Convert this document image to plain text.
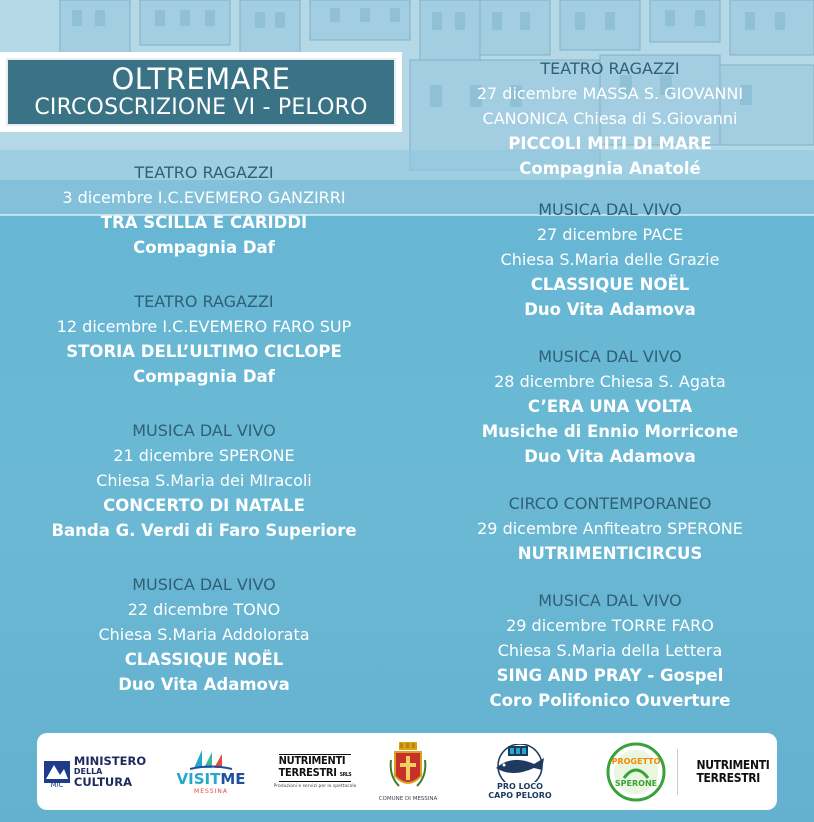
OLTREMARE
CIRCOSCRIZIONE VI - PELORO
TEATRO RAGAZZI
3 dicembre I.C.EVEMERO GANZIRRI
TRA SCILLA E CARIDDI
Compagnia Daf
TEATRO RAGAZZI
12 dicembre I.C.EVEMERO FARO SUP
STORIA DELL’ULTIMO CICLOPE
Compagnia Daf
MUSICA DAL VIVO
21 dicembre SPERONE
Chiesa S.Maria dei MIracoli
CONCERTO DI NATALE
Banda G. Verdi di Faro Superiore
MUSICA DAL VIVO
22 dicembre TONO
Chiesa S.Maria Addolorata
CLASSIQUE NOËL
Duo Vita Adamova
TEATRO RAGAZZI
27 dicembre MASSA S. GIOVANNI
CANONICA Chiesa di S.Giovanni
PICCOLI MITI DI MARE
Compagnia Anatolé
MUSICA DAL VIVO
27 dicembre PACE
Chiesa S.Maria delle Grazie
CLASSIQUE NOËL
Duo Vita Adamova
MUSICA DAL VIVO
28 dicembre Chiesa S. Agata
C’ERA UNA VOLTA
Musiche di Ennio Morricone
Duo Vita Adamova
CIRCO CONTEMPORANEO
29 dicembre Anfiteatro SPERONE
NUTRIMENTICIRCUS
MUSICA DAL VIVO
29 dicembre TORRE FARO
Chiesa S.Maria della Lettera
SING AND PRAY - Gospel
Coro Polifonico Ouverture
MiC
MINISTERO
DELLA
CULTURA	VISITME
MESSINA
NUTRIMENTI
TERRESTRI SRLS
Produzioni e servizi per lo spettacolo
COMUNE DI MESSINA
PRO LOCO
CAPO PELORO
PROGETTO
SPERONE
NUTRIMENTI
TERRESTRI
